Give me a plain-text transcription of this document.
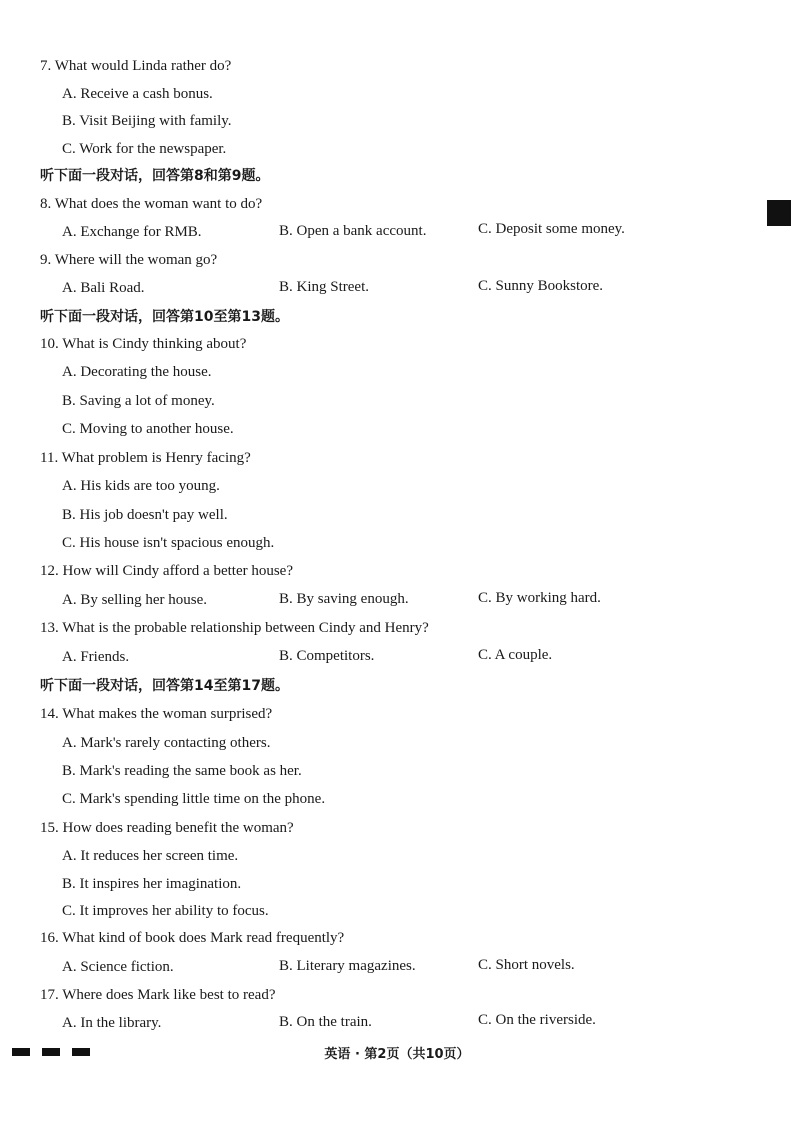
7. What would Linda rather do?
A. Receive a cash bonus.
B. Visit Beijing with family.
C. Work for the newspaper.
听下面一段对话，回答第8和第9题。
8. What does the woman want to do?
A. Exchange for RMB.	B. Open a bank account.	C. Deposit some money.
9. Where will the woman go?
A. Bali Road.	B. King Street.	C. Sunny Bookstore.
听下面一段对话，回答第10至第13题。
10. What is Cindy thinking about?
A. Decorating the house.
B. Saving a lot of money.
C. Moving to another house.
11. What problem is Henry facing?
A. His kids are too young.
B. His job doesn't pay well.
C. His house isn't spacious enough.
12. How will Cindy afford a better house?
A. By selling her house.	B. By saving enough.	C. By working hard.
13. What is the probable relationship between Cindy and Henry?
A. Friends.	B. Competitors.	C. A couple.
听下面一段对话，回答第14至第17题。
14. What makes the woman surprised?
A. Mark's rarely contacting others.
B. Mark's reading the same book as her.
C. Mark's spending little time on the phone.
15. How does reading benefit the woman?
A. It reduces her screen time.
B. It inspires her imagination.
C. It improves her ability to focus.
16. What kind of book does Mark read frequently?
A. Science fiction.	B. Literary magazines.	C. Short novels.
17. Where does Mark like best to read?
A. In the library.	B. On the train.	C. On the riverside.
英语 · 第2页（共10页）
